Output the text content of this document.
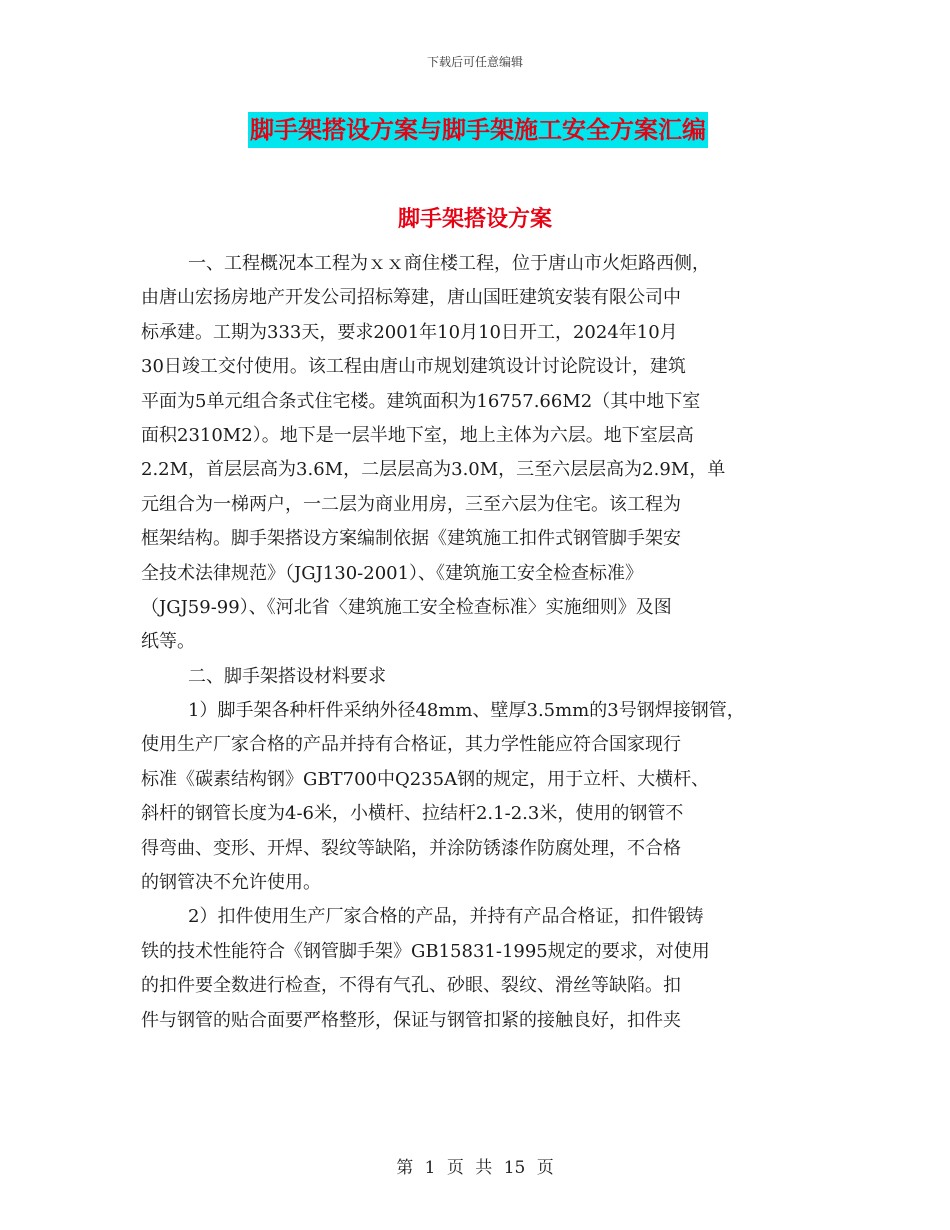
下载后可任意编辑
脚手架搭设方案与脚手架施工安全方案汇编
脚手架搭设方案
一、工程概况本工程为ｘｘ商住楼工程，位于唐山市火炬路西侧，
由唐山宏扬房地产开发公司招标筹建，唐山国旺建筑安装有限公司中
标承建。工期为333天，要求2001年10月10日开工，2024年10月
30日竣工交付使用。该工程由唐山市规划建筑设计讨论院设计，建筑
平面为5单元组合条式住宅楼。建筑面积为16757.66M2（其中地下室
面积2310M2）。地下是一层半地下室，地上主体为六层。地下室层高
2.2M，首层层高为3.6M，二层层高为3.0M，三至六层层高为2.9M，单
元组合为一梯两户，一二层为商业用房，三至六层为住宅。该工程为
框架结构。脚手架搭设方案编制依据《建筑施工扣件式钢管脚手架安
全技术法律规范》（JGJ130-2001）、《建筑施工安全检查标准》
（JGJ59-99）、《河北省〈建筑施工安全检查标准〉实施细则》及图
纸等。
二、脚手架搭设材料要求
1）脚手架各种杆件采纳外径48mm、壁厚3.5mm的3号钢焊接钢管，
使用生产厂家合格的产品并持有合格证，其力学性能应符合国家现行
标准《碳素结构钢》GBT700中Q235A钢的规定，用于立杆、大横杆、
斜杆的钢管长度为4-6米，小横杆、拉结杆2.1-2.3米，使用的钢管不
得弯曲、变形、开焊、裂纹等缺陷，并涂防锈漆作防腐处理，不合格
的钢管决不允许使用。
2）扣件使用生产厂家合格的产品，并持有产品合格证，扣件锻铸
铁的技术性能符合《钢管脚手架》GB15831-1995规定的要求，对使用
的扣件要全数进行检查，不得有气孔、砂眼、裂纹、滑丝等缺陷。扣
件与钢管的贴合面要严格整形，保证与钢管扣紧的接触良好，扣件夹
第 1 页 共 15 页
